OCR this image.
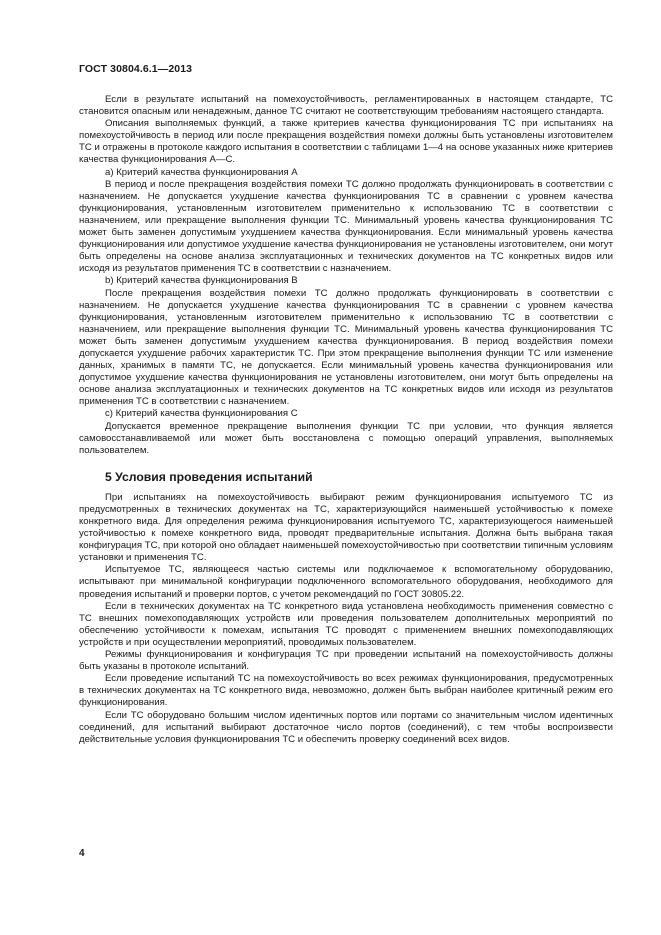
ГОСТ 30804.6.1—2013

Если в результате испытаний на помехоустойчивость, регламентированных в настоящем стандарте, ТС становится опасным или ненадежным, данное ТС считают не соответствующим требованиям настоящего стандарта.

Описания выполняемых функций, а также критериев качества функционирования ТС при испытаниях на помехоустойчивость в период или после прекращения воздействия помехи должны быть установлены изготовителем ТС и отражены в протоколе каждого испытания в соответствии с таблицами 1—4 на основе указанных ниже критериев качества функционирования А—С.

а) Критерий качества функционирования А

В период и после прекращения воздействия помехи ТС должно продолжать функционировать в соответствии с назначением. Не допускается ухудшение качества функционирования ТС в сравнении с уровнем качества функционирования, установленным изготовителем применительно к использованию ТС в соответствии с назначением, или прекращение выполнения функции ТС. Минимальный уровень качества функционирования ТС может быть заменен допустимым ухудшением качества функционирования. Если минимальный уровень качества функционирования или допустимое ухудшение качества функционирования не установлены изготовителем, они могут быть определены на основе анализа эксплуатационных и технических документов на ТС конкретных видов или исходя из результатов применения ТС в соответствии с назначением.

b) Критерий качества функционирования В

После прекращения воздействия помехи ТС должно продолжать функционировать в соответствии с назначением. Не допускается ухудшение качества функционирования ТС в сравнении с уровнем качества функционирования, установленным изготовителем применительно к использованию ТС в соответствии с назначением, или прекращение выполнения функции ТС. Минимальный уровень качества функционирования ТС может быть заменен допустимым ухудшением качества функционирования. В период воздействия помехи допускается ухудшение рабочих характеристик ТС. При этом прекращение выполнения функции ТС или изменение данных, хранимых в памяти ТС, не допускается. Если минимальный уровень качества функционирования или допустимое ухудшение качества функционирования не установлены изготовителем, они могут быть определены на основе анализа эксплуатационных и технических документов на ТС конкретных видов или исходя из результатов применения ТС в соответствии с назначением.

с) Критерий качества функционирования С

Допускается временное прекращение выполнения функции ТС при условии, что функция является самовосстанавливаемой или может быть восстановлена с помощью операций управления, выполняемых пользователем.

5 Условия проведения испытаний

При испытаниях на помехоустойчивость выбирают режим функционирования испытуемого ТС из предусмотренных в технических документах на ТС, характеризующийся наименьшей устойчивостью к помехе конкретного вида. Для определения режима функционирования испытуемого ТС, характеризующегося наименьшей устойчивостью к помехе конкретного вида, проводят предварительные испытания. Должна быть выбрана такая конфигурация ТС, при которой оно обладает наименьшей помехоустойчивостью при соответствии типичным условиям установки и применения ТС.

Испытуемое ТС, являющееся частью системы или подключаемое к вспомогательному оборудованию, испытывают при минимальной конфигурации подключенного вспомогательного оборудования, необходимого для проведения испытаний и проверки портов, с учетом рекомендаций по ГОСТ 30805.22.

Если в технических документах на ТС конкретного вида установлена необходимость применения совместно с ТС внешних помехоподавляющих устройств или проведения пользователем дополнительных мероприятий по обеспечению устойчивости к помехам, испытания ТС проводят с применением внешних помехоподавляющих устройств и при осуществлении мероприятий, проводимых пользователем.

Режимы функционирования и конфигурация ТС при проведении испытаний на помехоустойчивость должны быть указаны в протоколе испытаний.

Если проведение испытаний ТС на помехоустойчивость во всех режимах функционирования, предусмотренных в технических документах на ТС конкретного вида, невозможно, должен быть выбран наиболее критичный режим его функционирования.

Если ТС оборудовано большим числом идентичных портов или портами со значительным числом идентичных соединений, для испытаний выбирают достаточное число портов (соединений), с тем чтобы воспроизвести действительные условия функционирования ТС и обеспечить проверку соединений всех видов.

4
